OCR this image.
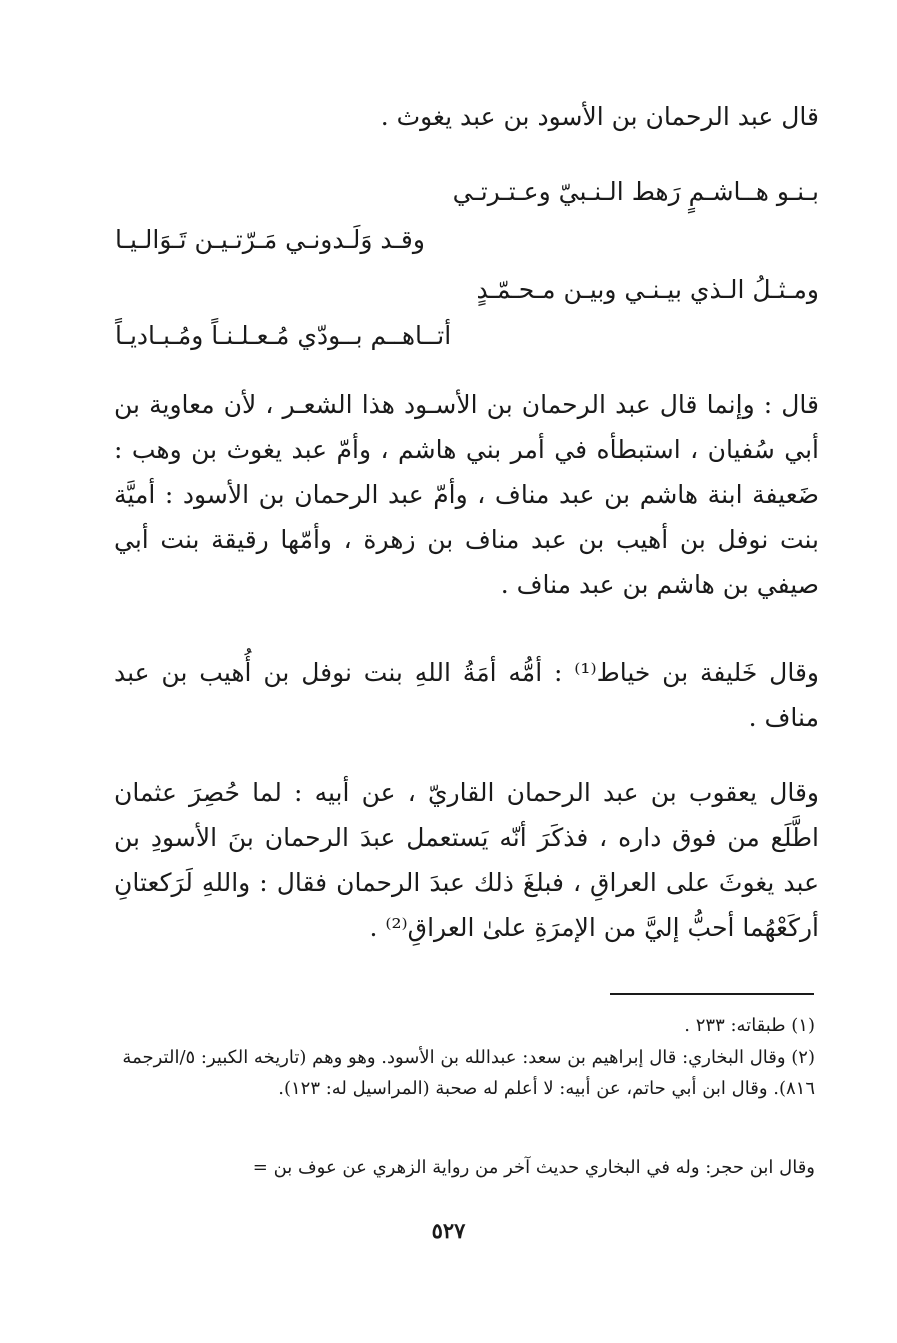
قال عبد الرحمان بن الأسود بن عبد يغوث .

بـنـو هــاشـمٍ رَهط الـنـبيّ وعـتـرتـي

وقـد وَلَـدونـي مَـرّتـيـن تَـوَالـيـا

ومـثـلُ الـذي بيـنـي وبيـن مـحـمّـدٍ

أتــاهــم بــودّي مُـعـلـنـاً ومُـبـاديـاً

قال : وإنما قال عبد الرحمان بن الأسـود هذا الشعـر ، لأن معاوية بن أبي سُفيان ، استبطأه في أمر بني هاشم ، وأمّ عبد يغوث بن وهب : ضَعيفة ابنة هاشم بن عبد مناف ، وأمّ عبد الرحمان بن الأسود : أميَّة بنت نوفل بن أهيب بن عبد مناف بن زهرة ، وأمّها رقيقة بنت أبي صيفي بن هاشم بن عبد مناف .

وقال خَليفة بن خياط⁽¹⁾ : أمُّه أمَةُ اللهِ بنت نوفل بن أُهيب بن عبد مناف .

وقال يعقوب بن عبد الرحمان القاريّ ، عن أبيه : لما حُصِرَ عثمان اطَّلَع من فوق داره ، فذكَرَ أنّه يَستعمل عبدَ الرحمان بنَ الأسودِ بن عبد يغوثَ على العراقِ ، فبلغَ ذلك عبدَ الرحمان فقال : واللهِ لَرَكعتانِ أركَعْهُما أحبُّ إليَّ من الإمرَةِ علىٰ العراقِ⁽²⁾ .

(١) طبقاته: ٢٣٣ .

(٢) وقال البخاري: قال إبراهيم بن سعد: عبدالله بن الأسود. وهو وهم (تاريخه الكبير: ٥/الترجمة ٨١٦). وقال ابن أبي حاتم، عن أبيه: لا أعلم له صحبة (المراسيل له: ١٢٣).

وقال ابن حجر: وله في البخاري حديث آخر من رواية الزهري عن عوف بن =

٥٢٧
